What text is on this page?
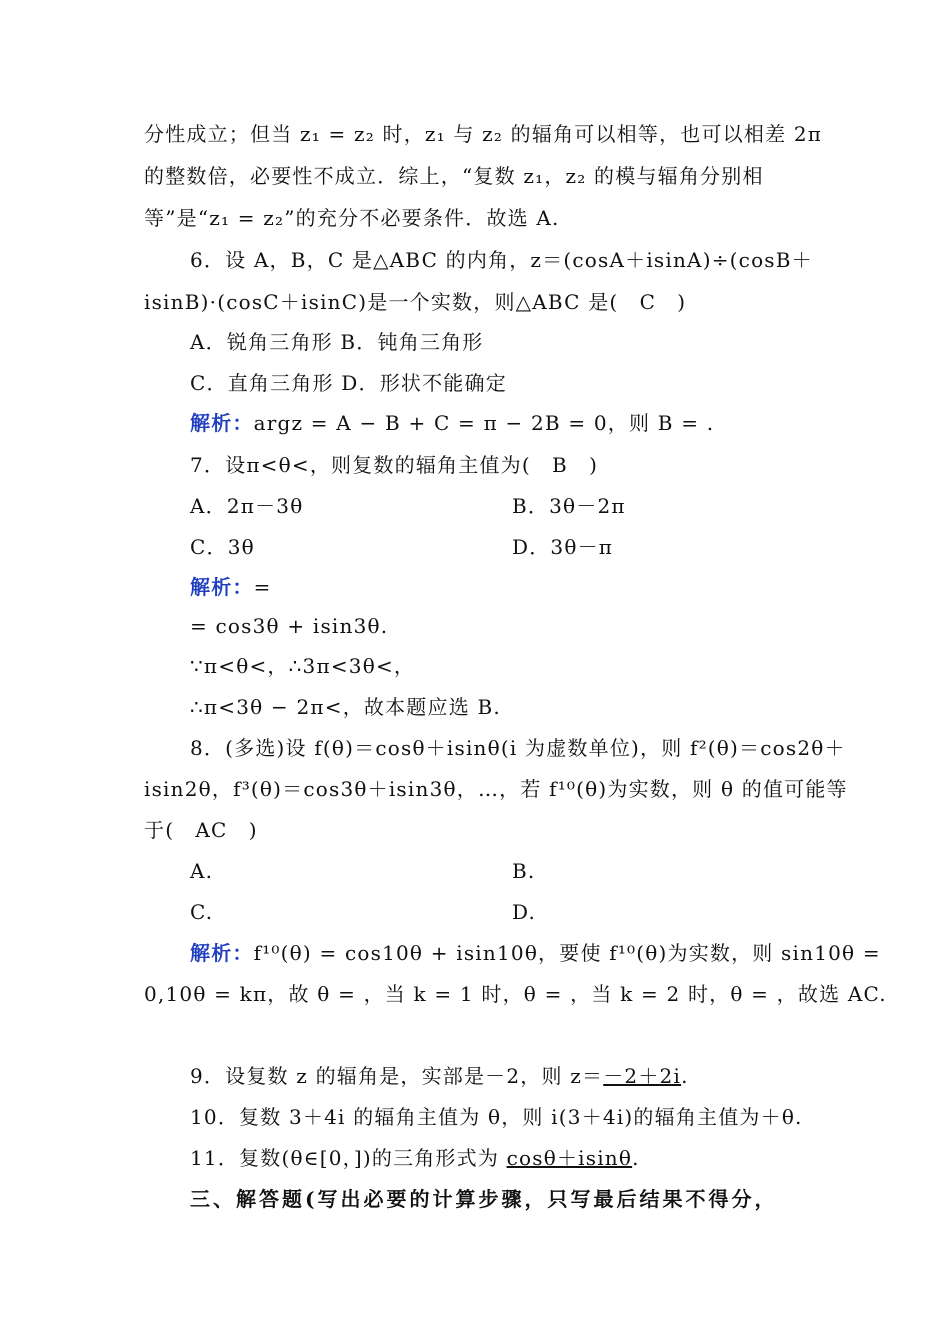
分性成立；但当 z₁ = z₂ 时，z₁ 与 z₂ 的辐角可以相等，也可以相差 2π
的整数倍，必要性不成立．综上，“复数 z₁，z₂ 的模与辐角分别相
等”是“z₁ = z₂”的充分不必要条件．故选 A.
6．设 A，B，C 是△ABC 的内角，z＝(cosA＋isinA)÷(cosB＋
isinB)·(cosC＋isinC)是一个实数，则△ABC 是(　C　)
A．锐角三角形 B．钝角三角形
C．直角三角形 D．形状不能确定
解析：argz = A − B + C = π − 2B = 0，则 B = .
7．设π<θ<，则复数的辐角主值为(　B　)
A．2π－3θ	B．3θ－2π
C．3θ	D．3θ－π
解析：=
= cos3θ + isin3θ.
∵π<θ<，∴3π<3θ<，
∴π<3θ − 2π<，故本题应选 B.
8．(多选)设 f(θ)＝cosθ＋isinθ(i 为虚数单位)，则 f²(θ)＝cos2θ＋
isin2θ，f³(θ)＝cos3θ＋isin3θ，…，若 f¹⁰(θ)为实数，则 θ 的值可能等
于(　AC　)
A.	B.
C.	D.
解析：f¹⁰(θ) = cos10θ + isin10θ，要使 f¹⁰(θ)为实数，则 sin10θ =
0,10θ = kπ，故 θ = ，当 k = 1 时，θ = ，当 k = 2 时，θ = ，故选 AC.
9．设复数 z 的辐角是，实部是－2，则 z＝－2＋2i.
10．复数 3＋4i 的辐角主值为 θ，则 i(3＋4i)的辐角主值为＋θ.
11．复数(θ∈[0，])的三角形式为 cosθ＋isinθ.
三、解答题(写出必要的计算步骤，只写最后结果不得分，
